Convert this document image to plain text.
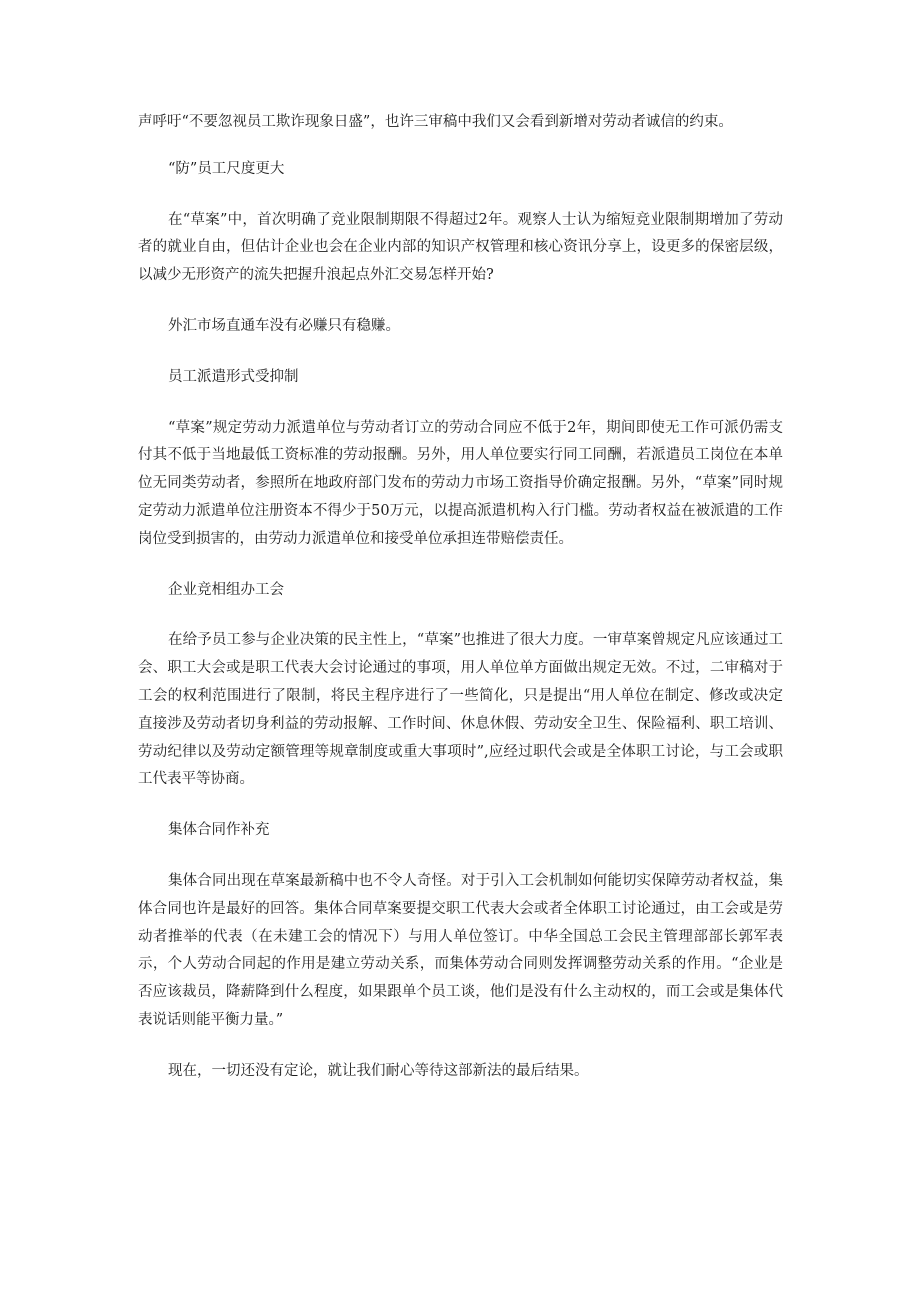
声呼吁“不要忽视员工欺诈现象日盛”，也许三审稿中我们又会看到新增对劳动者诚信的约束。

“防”员工尺度更大

在“草案”中，首次明确了竞业限制期限不得超过2年。观察人士认为缩短竞业限制期增加了劳动者的就业自由，但估计企业也会在企业内部的知识产权管理和核心资讯分享上，设更多的保密层级，以减少无形资产的流失把握升浪起点外汇交易怎样开始?

外汇市场直通车没有必赚只有稳赚。

员工派遣形式受抑制

“草案”规定劳动力派遣单位与劳动者订立的劳动合同应不低于2年，期间即使无工作可派仍需支付其不低于当地最低工资标准的劳动报酬。另外，用人单位要实行同工同酬，若派遣员工岗位在本单位无同类劳动者，参照所在地政府部门发布的劳动力市场工资指导价确定报酬。另外，“草案”同时规定劳动力派遣单位注册资本不得少于50万元，以提高派遣机构入行门槛。劳动者权益在被派遣的工作岗位受到损害的，由劳动力派遣单位和接受单位承担连带赔偿责任。

企业竞相组办工会

在给予员工参与企业决策的民主性上，“草案”也推进了很大力度。一审草案曾规定凡应该通过工会、职工大会或是职工代表大会讨论通过的事项，用人单位单方面做出规定无效。不过，二审稿对于工会的权利范围进行了限制，将民主程序进行了一些简化，只是提出“用人单位在制定、修改或决定直接涉及劳动者切身利益的劳动报解、工作时间、休息休假、劳动安全卫生、保险福利、职工培训、劳动纪律以及劳动定额管理等规章制度或重大事项时”,应经过职代会或是全体职工讨论，与工会或职工代表平等协商。

集体合同作补充

集体合同出现在草案最新稿中也不令人奇怪。对于引入工会机制如何能切实保障劳动者权益，集体合同也许是最好的回答。集体合同草案要提交职工代表大会或者全体职工讨论通过，由工会或是劳动者推举的代表（在未建工会的情况下）与用人单位签订。中华全国总工会民主管理部部长郭军表示，个人劳动合同起的作用是建立劳动关系，而集体劳动合同则发挥调整劳动关系的作用。“企业是否应该裁员，降薪降到什么程度，如果跟单个员工谈，他们是没有什么主动权的，而工会或是集体代表说话则能平衡力量。”

现在，一切还没有定论，就让我们耐心等待这部新法的最后结果。
